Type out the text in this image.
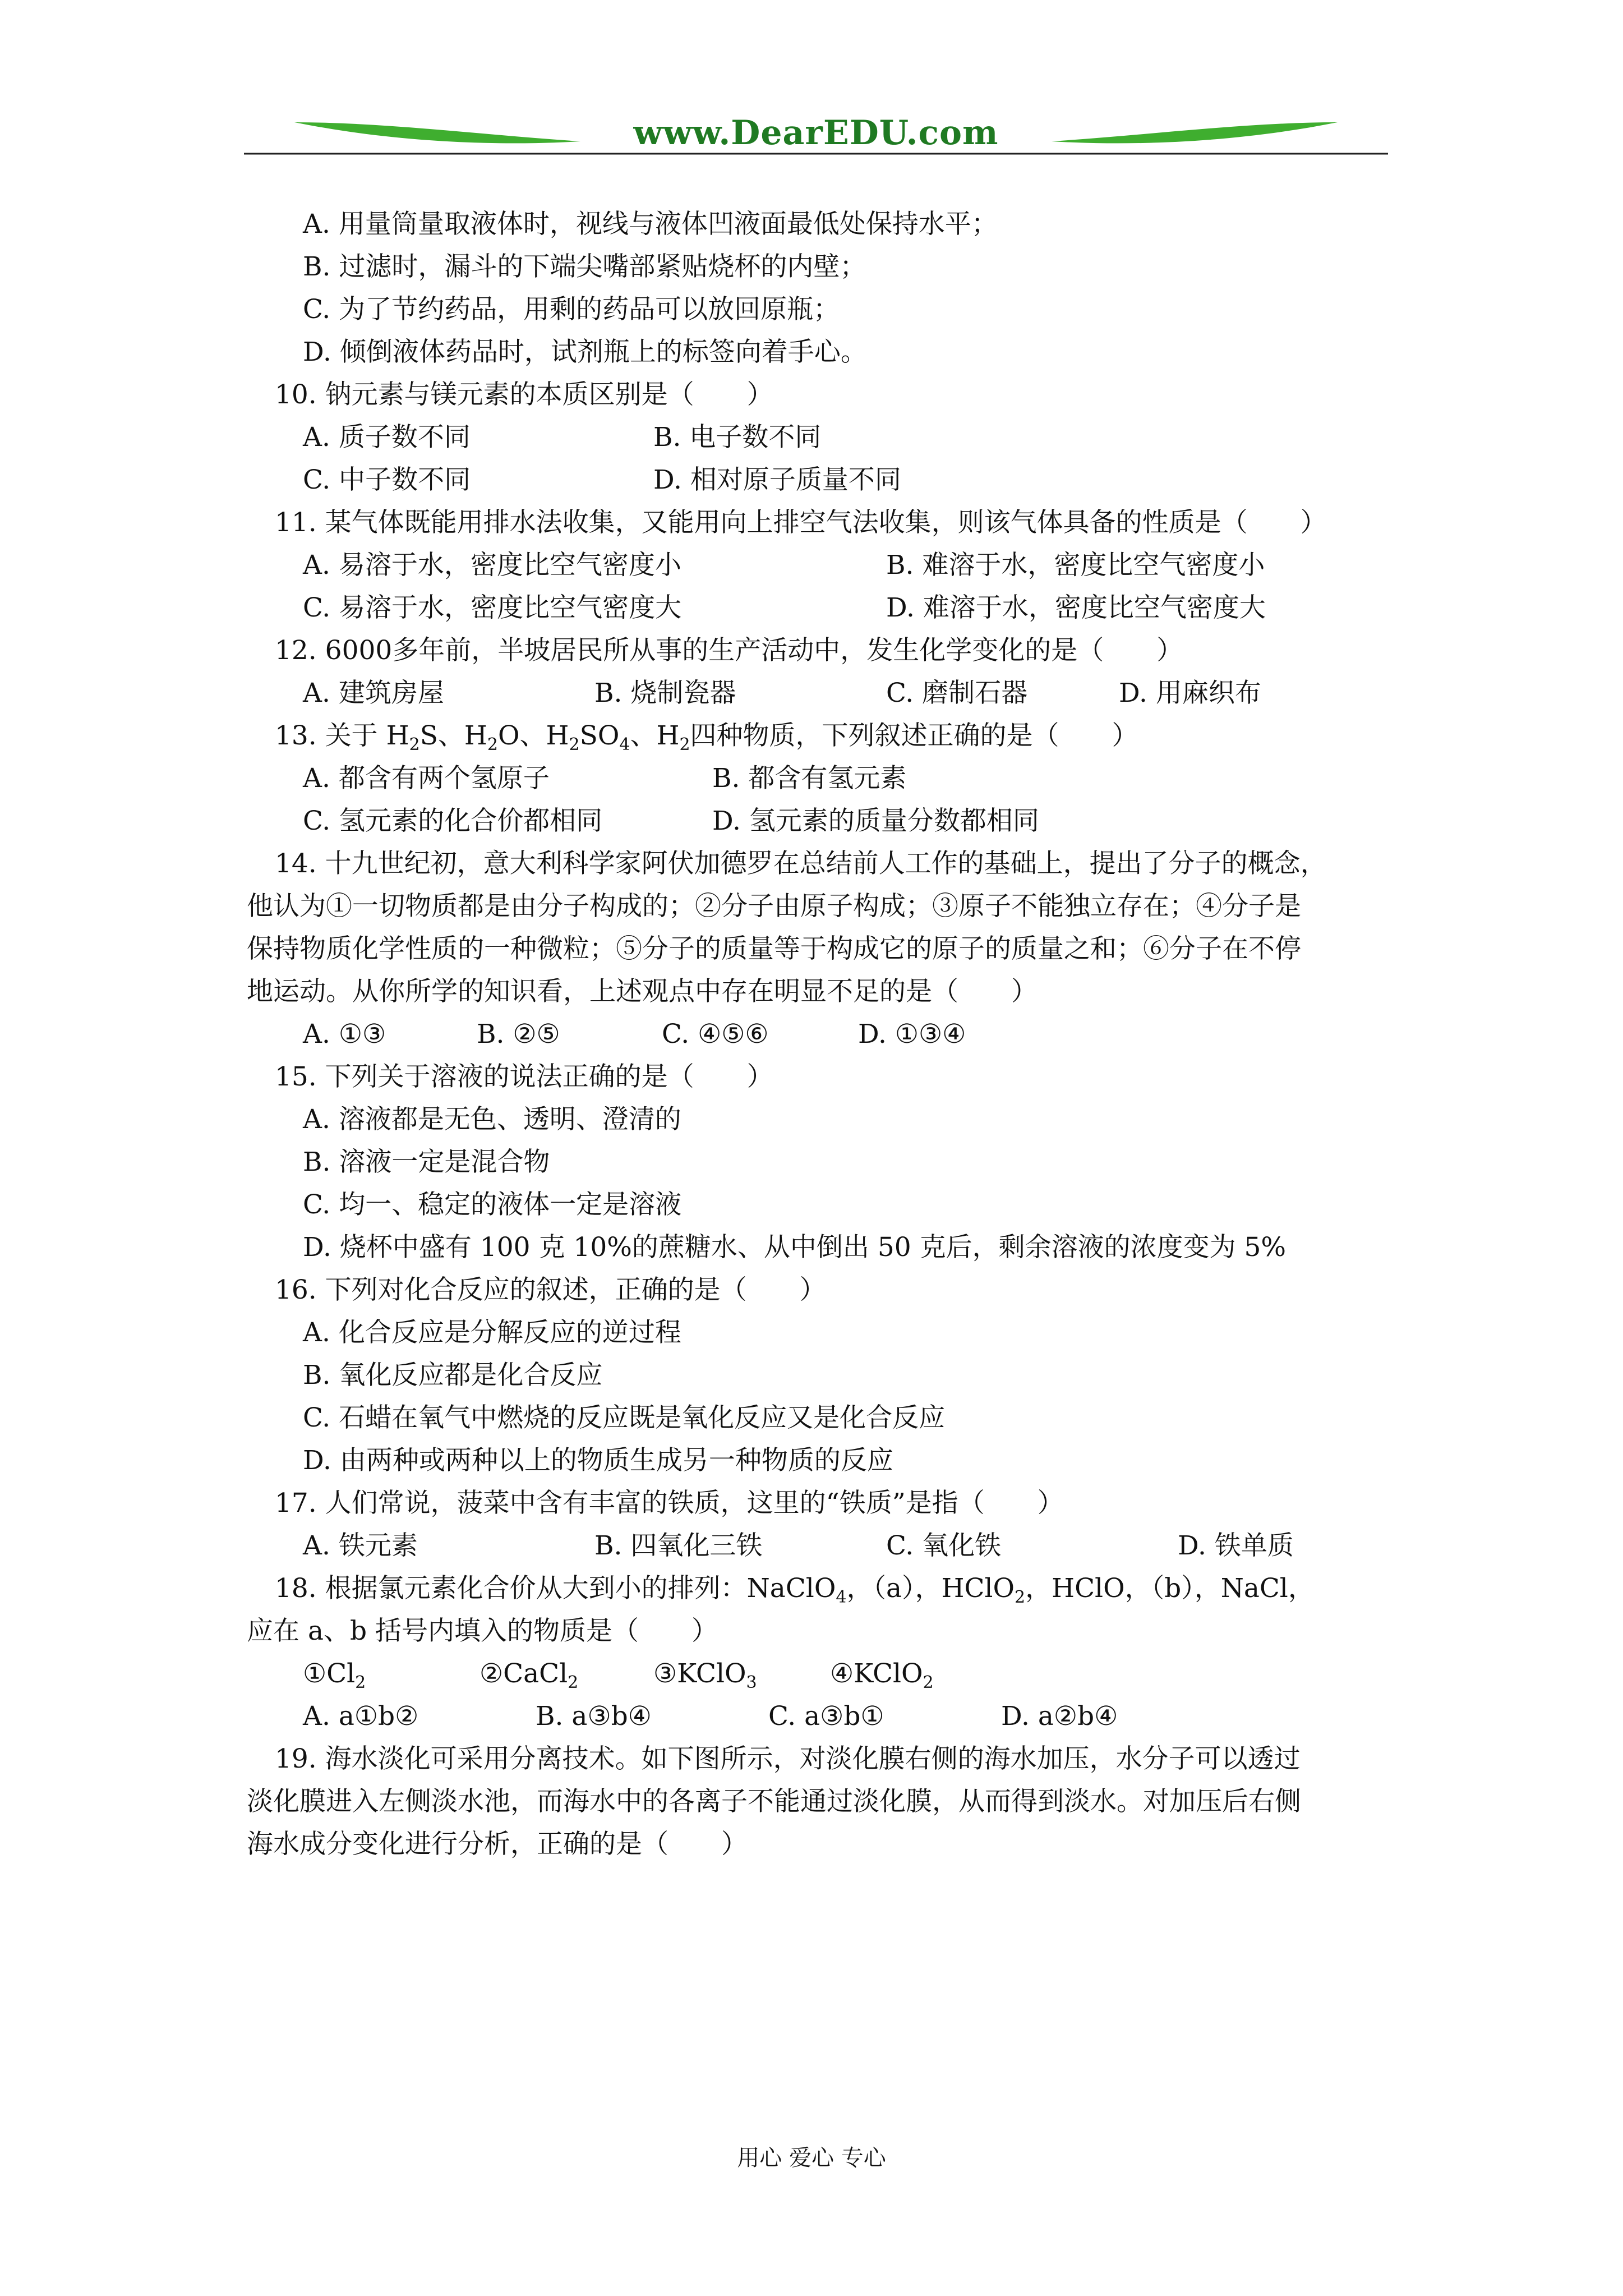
www.DearEDU.com
A. 用量筒量取液体时，视线与液体凹液面最低处保持水平；
B. 过滤时，漏斗的下端尖嘴部紧贴烧杯的内壁；
C. 为了节约药品，用剩的药品可以放回原瓶；
D. 倾倒液体药品时，试剂瓶上的标签向着手心。
10. 钠元素与镁元素的本质区别是（　　）
A. 质子数不同	B. 电子数不同
C. 中子数不同	D. 相对原子质量不同
11. 某气体既能用排水法收集，又能用向上排空气法收集，则该气体具备的性质是（　　）
A. 易溶于水，密度比空气密度小	B. 难溶于水，密度比空气密度小
C. 易溶于水，密度比空气密度大	D. 难溶于水，密度比空气密度大
12. 6000多年前，半坡居民所从事的生产活动中，发生化学变化的是（　　）
A. 建筑房屋	B. 烧制瓷器	C. 磨制石器	D. 用麻织布
13. 关于 $H_2S$、$H_2O$、$H_2SO_4$、$H_2$四种物质，下列叙述正确的是（　　）
A. 都含有两个氢原子	B. 都含有氢元素
C. 氢元素的化合价都相同	D. 氢元素的质量分数都相同
14. 十九世纪初，意大利科学家阿伏加德罗在总结前人工作的基础上，提出了分子的概念，
他认为①一切物质都是由分子构成的；②分子由原子构成；③原子不能独立存在；④分子是
保持物质化学性质的一种微粒；⑤分子的质量等于构成它的原子的质量之和；⑥分子在不停
地运动。从你所学的知识看，上述观点中存在明显不足的是（　　）
A. ①③	B. ②⑤	C. ④⑤⑥	D. ①③④
15. 下列关于溶液的说法正确的是（　　）
A. 溶液都是无色、透明、澄清的
B. 溶液一定是混合物
C. 均一、稳定的液体一定是溶液
D. 烧杯中盛有 100 克 10%的蔗糖水、从中倒出 50 克后，剩余溶液的浓度变为 5%
16. 下列对化合反应的叙述，正确的是（　　）
A. 化合反应是分解反应的逆过程
B. 氧化反应都是化合反应
C. 石蜡在氧气中燃烧的反应既是氧化反应又是化合反应
D. 由两种或两种以上的物质生成另一种物质的反应
17. 人们常说，菠菜中含有丰富的铁质，这里的“铁质”是指（　　）
A. 铁元素	B. 四氧化三铁	C. 氧化铁	D. 铁单质
18. 根据氯元素化合价从大到小的排列：NaClO$_4$，（a），HClO$_2$，HClO，（b），NaCl，
应在 a、b 括号内填入的物质是（　　）
$①Cl_2$	②CaCl$_2$	③KClO$_3$	④KClO$_2$
A. a①b②	B. a③b④	C. a③b①	D. a②b④
19. 海水淡化可采用分离技术。如下图所示，对淡化膜右侧的海水加压，水分子可以透过
淡化膜进入左侧淡水池，而海水中的各离子不能通过淡化膜，从而得到淡水。对加压后右侧
海水成分变化进行分析，正确的是（　　）
用心 爱心 专心
